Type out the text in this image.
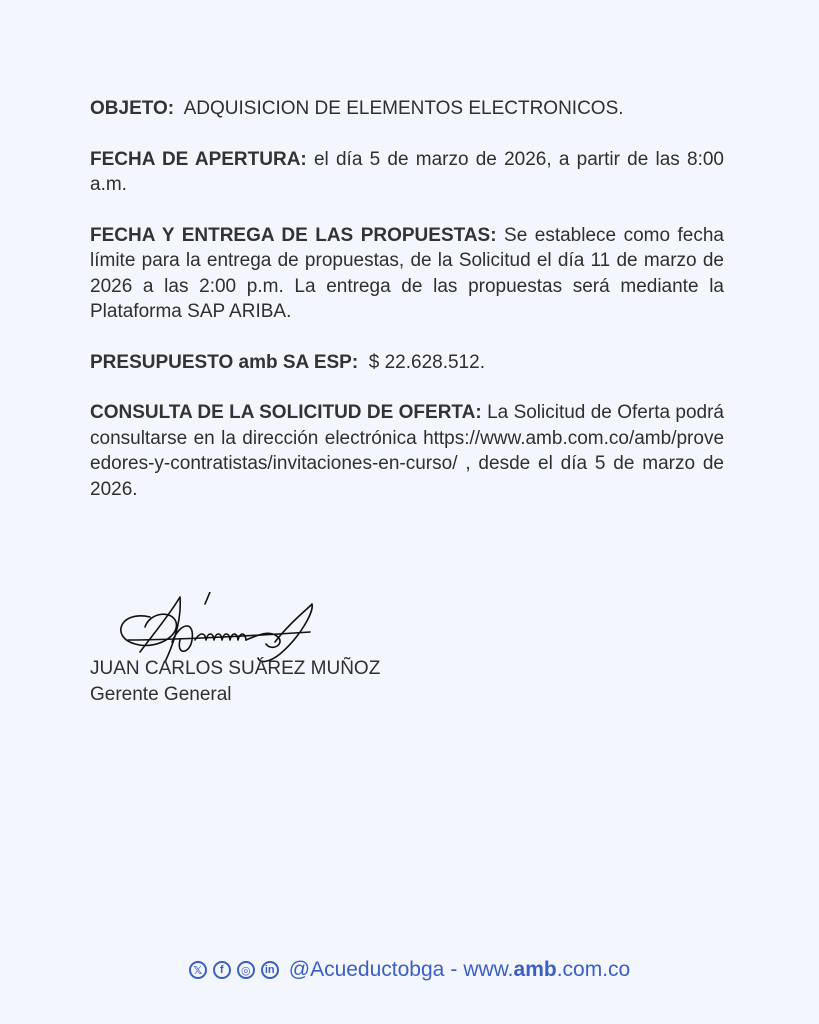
OBJETO: ADQUISICION DE ELEMENTOS ELECTRONICOS.

FECHA DE APERTURA: el día 5 de marzo de 2026, a partir de las 8:00 a.m.

FECHA Y ENTREGA DE LAS PROPUESTAS: Se establece como fecha límite para la entrega de propuestas, de la Solicitud el día 11 de marzo de 2026 a las 2:00 p.m. La entrega de las propuestas será mediante la Plataforma SAP ARIBA.

PRESUPUESTO amb SA ESP: $ 22.628.512.

CONSULTA DE LA SOLICITUD DE OFERTA: La Solicitud de Oferta podrá consultarse en la dirección electrónica https://www.amb.com.co/amb/proveedores-y-contratistas/invitaciones-en-curso/ , desde el día 5 de marzo de 2026.

JUAN CARLOS SUÁREZ MUÑOZ
Gerente General
𝕏	f	◎	in @Acueductobga - www.amb.com.co
